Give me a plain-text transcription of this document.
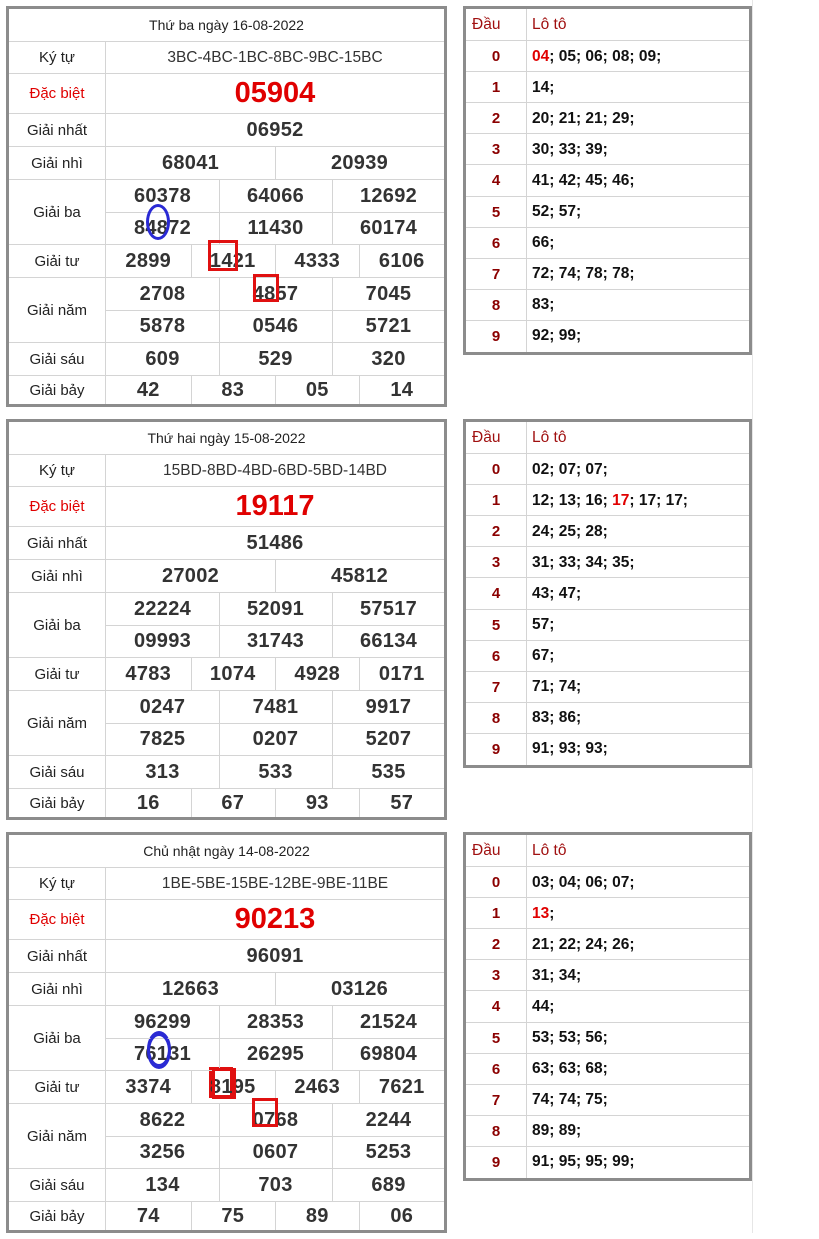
Thứ ba ngày 16-08-2022
Ký tự	3BC-4BC-1BC-8BC-9BC-15BC
Đặc biệt	05904
Giải nhất	06952
Giải nhì	68041	20939
Giải ba
60378	64066	12692
84872	11430	60174
Giải tư	2899	1421	4333	6106
Giải năm
2708	4857	7045
5878	0546	5721
Giải sáu	609	529	320
Giải bảy	42	83	05	14
Đầu Lô tô
0	04 ; 05; 06; 08; 09;
1	14;
2	20; 21; 21; 29;
3	30; 33; 39;
4	41; 42; 45; 46;
5	52; 57;
6	66;
7	72; 74; 78; 78;
8	83;
9	92; 99;
Thứ hai ngày 15-08-2022
Ký tự	15BD-8BD-4BD-6BD-5BD-14BD
Đặc biệt	19117
Giải nhất	51486
Giải nhì	27002	45812
Giải ba
22224	52091	57517
09993	31743	66134
Giải tư	4783	1074	4928	0171
Giải năm
0247	7481	9917
7825	0207	5207
Giải sáu	313	533	535
Giải bảy	16	67	93	57
Đầu Lô tô
0	02; 07; 07;
1	12; 13; 16; 17 ; 17; 17;
2	24; 25; 28;
3	31; 33; 34; 35;
4	43; 47;
5	57;
6	67;
7	71; 74;
8	83; 86;
9	91; 93; 93;
Chủ nhật ngày 14-08-2022
Ký tự	1BE-5BE-15BE-12BE-9BE-11BE
Đặc biệt	90213
Giải nhất	96091
Giải nhì	12663	03126
Giải ba
96299	28353	21524
76131	26295	69804
Giải tư	3374	8195	2463	7621
Giải năm
8622	0768	2244
3256	0607	5253
Giải sáu	134	703	689
Giải bảy	74	75	89	06
Đầu Lô tô
0	03; 04; 06; 07;
1	13 ;
2	21; 22; 24; 26;
3	31; 34;
4	44;
5	53; 53; 56;
6	63; 63; 68;
7	74; 74; 75;
8	89; 89;
9	91; 95; 95; 99;
